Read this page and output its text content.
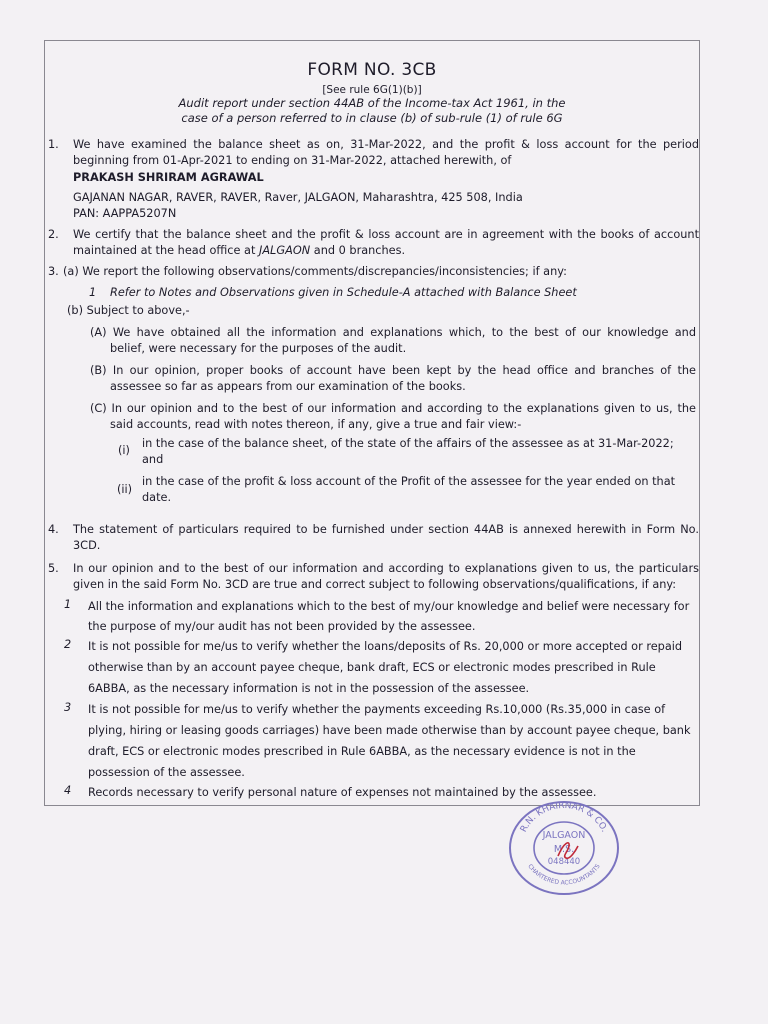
FORM NO. 3CB
[See rule 6G(1)(b)]
Audit report under section 44AB of the Income-tax Act 1961, in the
case of a person referred to in clause (b) of sub-rule (1) of rule 6G
1. We have examined the balance sheet as on, 31-Mar-2022, and the profit & loss account for the period

beginning from 01-Apr-2021 to ending on 31-Mar-2022, attached herewith, of

PRAKASH SHRIRAM AGRAWAL

GAJANAN NAGAR, RAVER, RAVER, Raver, JALGAON, Maharashtra, 425 508, India

PAN: AAPPA5207N

2. We certify that the balance sheet and the profit & loss account are in agreement with the books of account

maintained at the head office at JALGAON and 0 branches.

3. (a) We report the following observations/comments/discrepancies/inconsistencies; if any:

1 Refer to Notes and Observations given in Schedule-A attached with Balance Sheet

(b) Subject to above,-

(A) We have obtained all the information and explanations which, to the best of our knowledge and

belief, were necessary for the purposes of the audit.

(B) In our opinion, proper books of account have been kept by the head office and branches of the

assessee so far as appears from our examination of the books.

(C) In our opinion and to the best of our information and according to the explanations given to us, the

said accounts, read with notes thereon, if any, give a true and fair view:-

(i)

in the case of the balance sheet, of the state of the affairs of the assessee as at 31-Mar-2022;

and

(ii)

in the case of the profit & loss account of the Profit of the assessee for the year ended on that

date.

4. The statement of particulars required to be furnished under section 44AB is annexed herewith in Form No.

3CD.

5. In our opinion and to the best of our information and according to explanations given to us, the particulars

given in the said Form No. 3CD are true and correct subject to following observations/qualifications, if any:

1 All the information and explanations which to the best of my/our knowledge and belief were necessary for

the purpose of my/our audit has not been provided by the assessee.

2 It is not possible for me/us to verify whether the loans/deposits of Rs. 20,000 or more accepted or repaid

otherwise than by an account payee cheque, bank draft, ECS or electronic modes prescribed in Rule

6ABBA, as the necessary information is not in the possession of the assessee.

3 It is not possible for me/us to verify whether the payments exceeding Rs.10,000 (Rs.35,000 in case of

plying, hiring or leasing goods carriages) have been made otherwise than by account payee cheque, bank

draft, ECS or electronic modes prescribed in Rule 6ABBA, as the necessary evidence is not in the

possession of the assessee.

4 Records necessary to verify personal nature of expenses not maintained by the assessee.

R.N. KHAIRNAR & CO.
CHARTERED ACCOUNTANTS
JALGAON
M.S.
048440
